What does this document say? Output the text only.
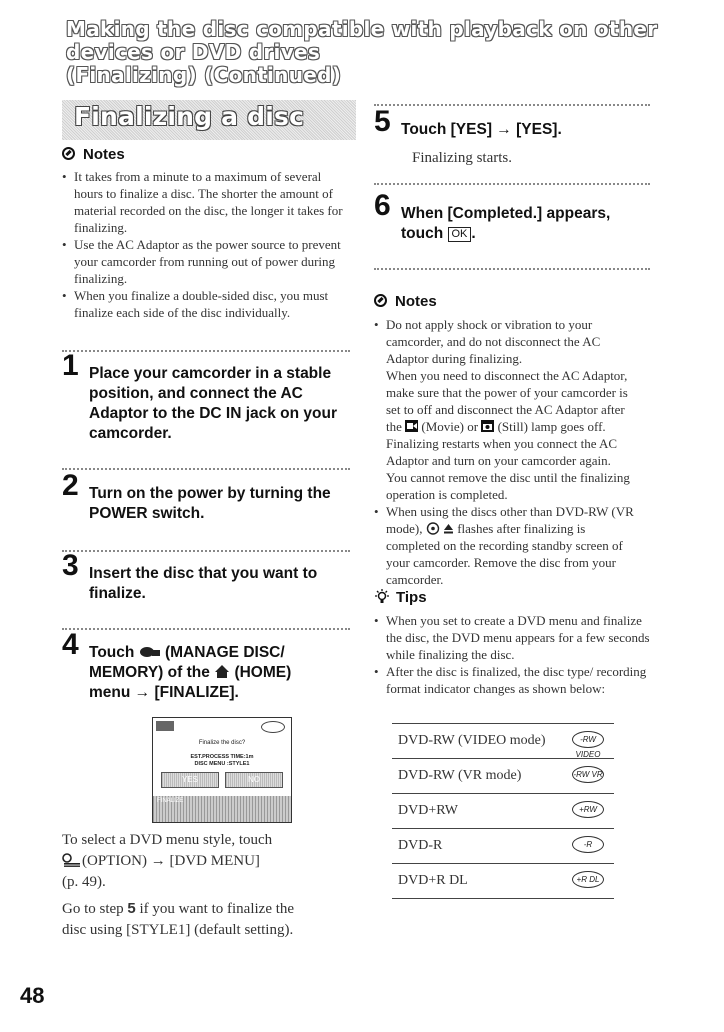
Making the disc compatible with playback on other devices or DVD drives
(Finalizing) (Continued)
Finalizing a disc
Notes
• It takes from a minute to a maximum of several hours to finalize a disc. The shorter the amount of material recorded on the disc, the longer it takes for finalizing.
• Use the AC Adaptor as the power source to prevent your camcorder from running out of power during finalizing.
• When you finalize a double-sided disc, you must finalize each side of the disc individually.
1 Place your camcorder in a stable
position, and connect the AC
Adaptor to the DC IN jack on your
camcorder.
2 Turn on the power by turning the
POWER switch.
3 Insert the disc that you want to
finalize.
4 Touch  (MANAGE DISC/
MEMORY) of the  (HOME)
menu → [FINALIZE].
Finalize the disc?
EST.PROCESS TIME:1m
DISC MENU :STYLE1
YES	NO
FINALIZE
To select a DVD menu style, touch
(OPTION) → [DVD MENU]
(p. 49).
Go to step 5 if you want to finalize the
disc using [STYLE1] (default setting).
5 Touch [YES] → [YES].
Finalizing starts.
6 When [Completed.] appears,
touch OK .
Notes
• Do not apply shock or vibration to your
camcorder, and do not disconnect the AC
Adaptor during finalizing.
When you need to disconnect the AC Adaptor,
make sure that the power of your camcorder is
set to off and disconnect the AC Adaptor after
the  (Movie) or  (Still) lamp goes off.
Finalizing restarts when you connect the AC
Adaptor and turn on your camcorder again.
You cannot remove the disc until the finalizing
operation is completed.
• When using the discs other than DVD-RW (VR
mode),   flashes after finalizing is
completed on the recording standby screen of
your camcorder. Remove the disc from your
camcorder.
Tips
• When you set to create a DVD menu and finalize the disc, the DVD menu appears for a few seconds while finalizing the disc.
• After the disc is finalized, the disc type/ recording format indicator changes as shown below:
DVD-RW (VIDEO mode)	-RW VIDEO
DVD-RW (VR mode)	-RW VR
DVD+RW	+RW
DVD-R	-R
DVD+R DL	+R DL
48
